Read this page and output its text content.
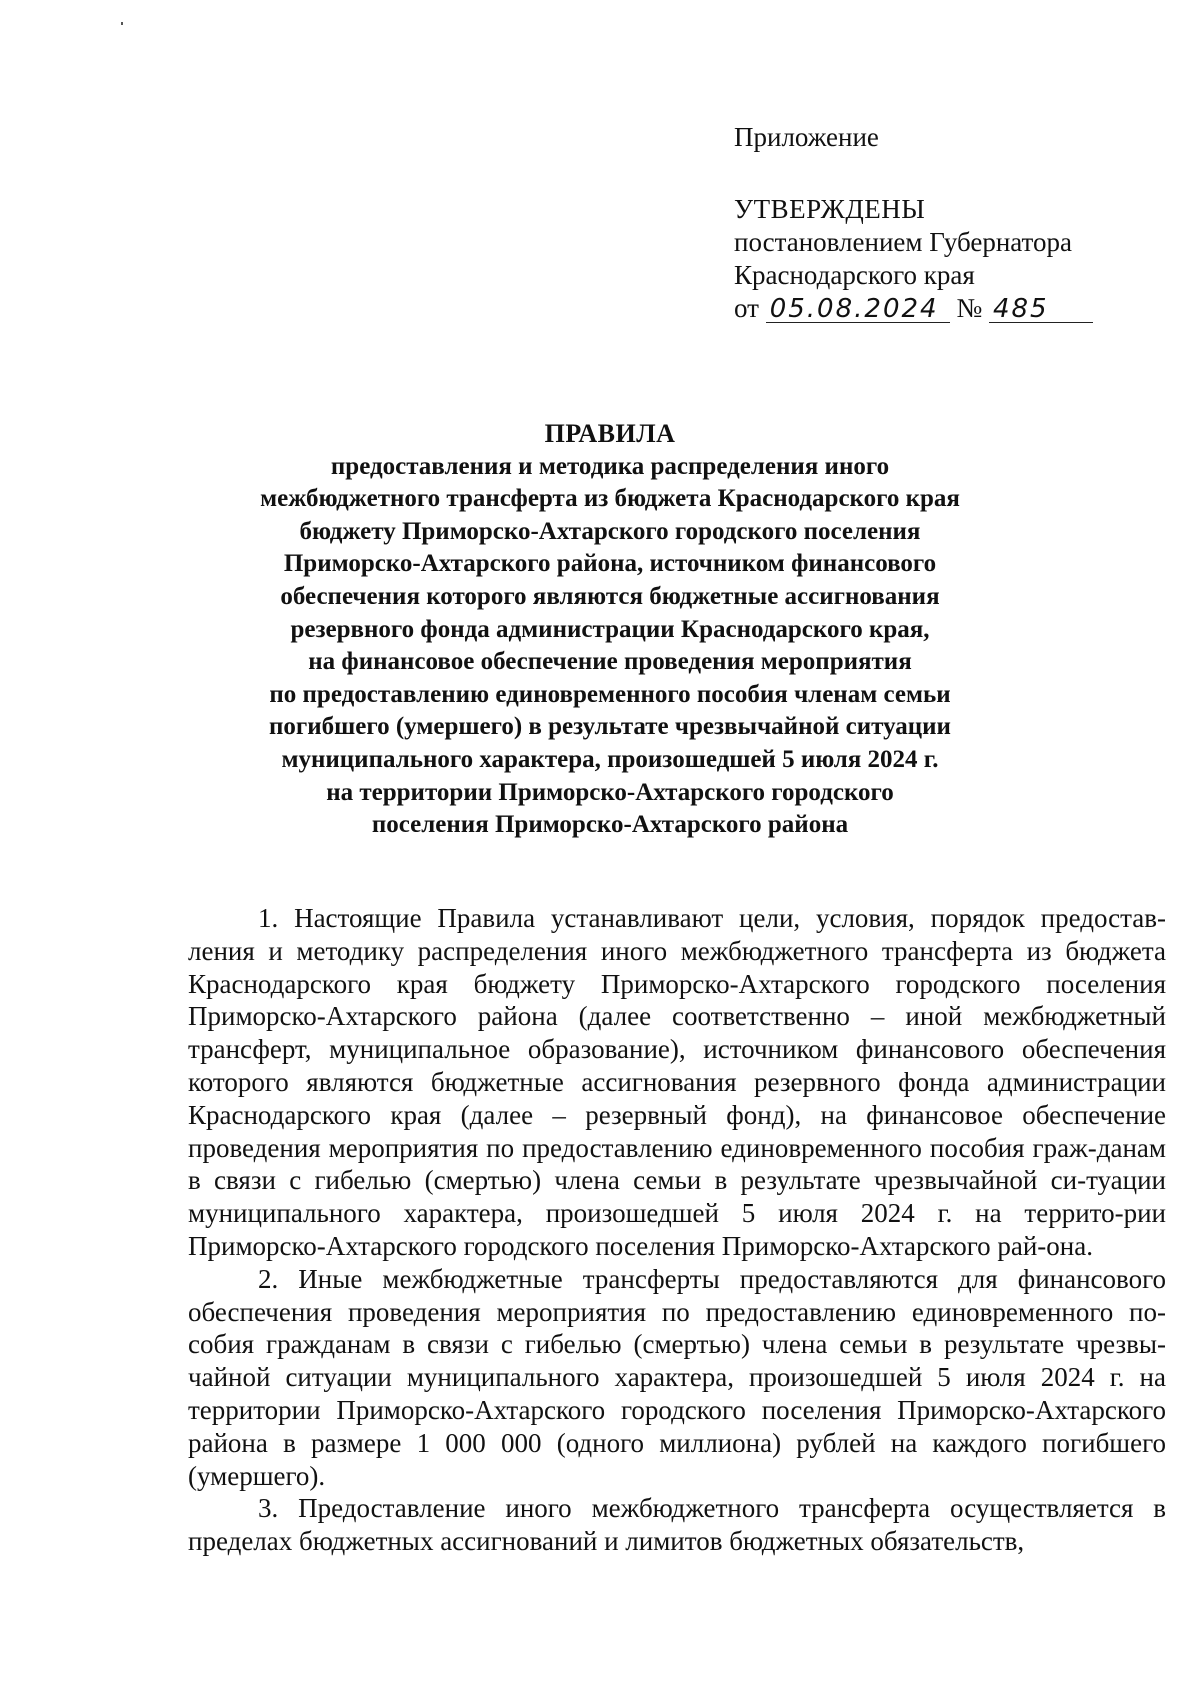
Приложение
УТВЕРЖДЕНЫ
постановлением Губернатора
Краснодарского края
от 05.08.2024 № 485
ПРАВИЛА
предоставления и методика распределения иного
межбюджетного трансферта из бюджета Краснодарского края
бюджету Приморско-Ахтарского городского поселения
Приморско-Ахтарского района, источником финансового
обеспечения которого являются бюджетные ассигнования
резервного фонда администрации Краснодарского края,
на финансовое обеспечение проведения мероприятия
по предоставлению единовременного пособия членам семьи
погибшего (умершего) в результате чрезвычайной ситуации
муниципального характера, произошедшей 5 июля 2024 г.
на территории Приморско-Ахтарского городского
поселения Приморско-Ахтарского района

1. Настоящие Правила устанавливают цели, условия, порядок предостав-ления и методику распределения иного межбюджетного трансферта из бюджета Краснодарского края бюджету Приморско-Ахтарского городского поселения Приморско-Ахтарского района (далее соответственно – иной межбюджетный трансферт, муниципальное образование), источником финансового обеспечения которого являются бюджетные ассигнования резервного фонда администрации Краснодарского края (далее – резервный фонд), на финансовое обеспечение проведения мероприятия по предоставлению единовременного пособия граж-данам в связи с гибелью (смертью) члена семьи в результате чрезвычайной си-туации муниципального характера, произошедшей 5 июля 2024 г. на террито-рии Приморско-Ахтарского городского поселения Приморско-Ахтарского рай-она.

2. Иные межбюджетные трансферты предоставляются для финансового обеспечения проведения мероприятия по предоставлению единовременного по-собия гражданам в связи с гибелью (смертью) члена семьи в результате чрезвы-чайной ситуации муниципального характера, произошедшей 5 июля 2024 г. на территории Приморско-Ахтарского городского поселения Приморско-Ахтарского района в размере 1 000 000 (одного миллиона) рублей на каждого погибшего (умершего).

3. Предоставление иного межбюджетного трансферта осуществляется в пределах бюджетных ассигнований и лимитов бюджетных обязательств,
